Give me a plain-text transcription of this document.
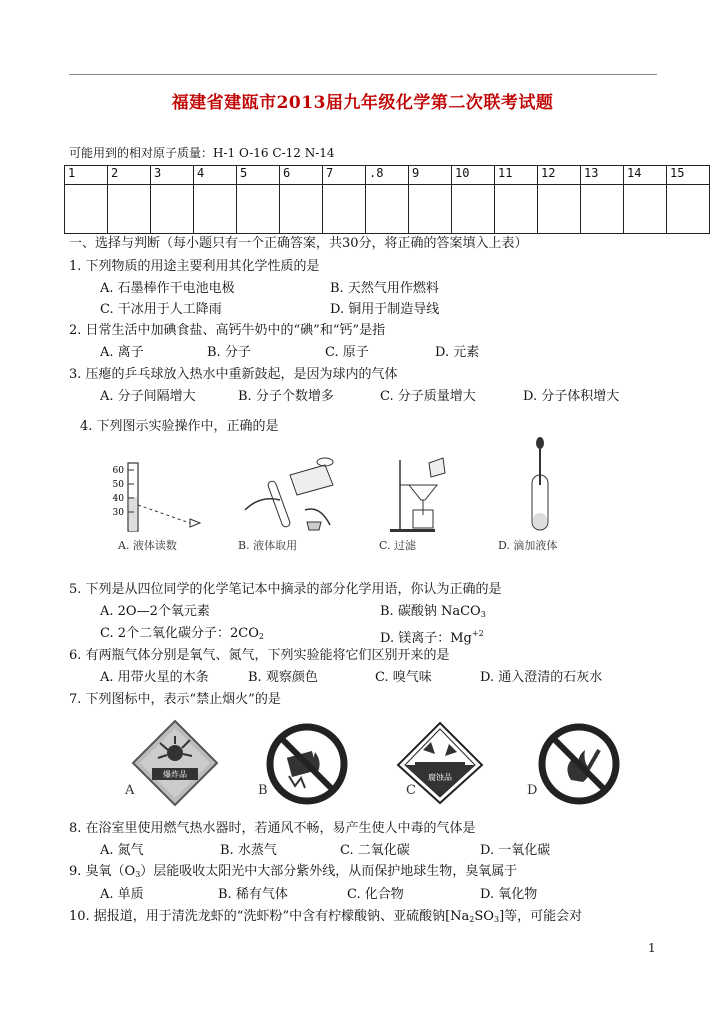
福建省建瓯市2013届九年级化学第二次联考试题
可能用到的相对原子质量：H-1 O-16 C-12 N-14
1	2	3	4	5	6	7	.8	9	10	11	12	13	14	15

一、选择与判断（每小题只有一个正确答案，共30分，将正确的答案填入上表）
1. 下列物质的用途主要利用其化学性质的是
A. 石墨棒作干电池电极	B. 天然气用作燃料
C. 干冰用于人工降雨	D. 铜用于制造导线
2. 日常生活中加碘食盐、高钙牛奶中的“碘”和“钙”是指
A. 离子	B. 分子	C. 原子	D. 元素
3. 压瘪的乒乓球放入热水中重新鼓起，是因为球内的气体
A. 分子间隔增大	B. 分子个数增多	C. 分子质量增大	D. 分子体积增大
4. 下列图示实验操作中，正确的是
60
50
40
30
A. 液体读数	B. 液体取用	C. 过滤	D. 滴加液体
5. 下列是从四位同学的化学笔记本中摘录的部分化学用语，你认为正确的是
A. 2O—2个氧元素	B. 碳酸钠 NaCO$_3$
C. 2个二氧化碳分子：$2CO_2$	D. 镁离子：$Mg^{+2}$
6. 有两瓶气体分别是氧气、氮气，下列实验能将它们区别开来的是
A. 用带火星的木条	B. 观察颜色	C. 嗅气味	D. 通入澄清的石灰水
7. 下列图标中，表示“禁止烟火”的是
爆炸品	腐蚀品
A	B	C	D
8. 在浴室里使用燃气热水器时，若通风不畅，易产生使人中毒的气体是
A. 氮气	B. 水蒸气	C. 二氧化碳	D. 一氧化碳
9. 臭氧$(O_3)$层能吸收太阳光中大部分紫外线，从而保护地球生物，臭氧属于
A. 单质	B. 稀有气体	C. 化合物	D. 氧化物
10. 据报道，用于清洗龙虾的“洗虾粉”中含有柠檬酸钠、亚硫酸钠$[Na_2SO_3]$等，可能会对
1
